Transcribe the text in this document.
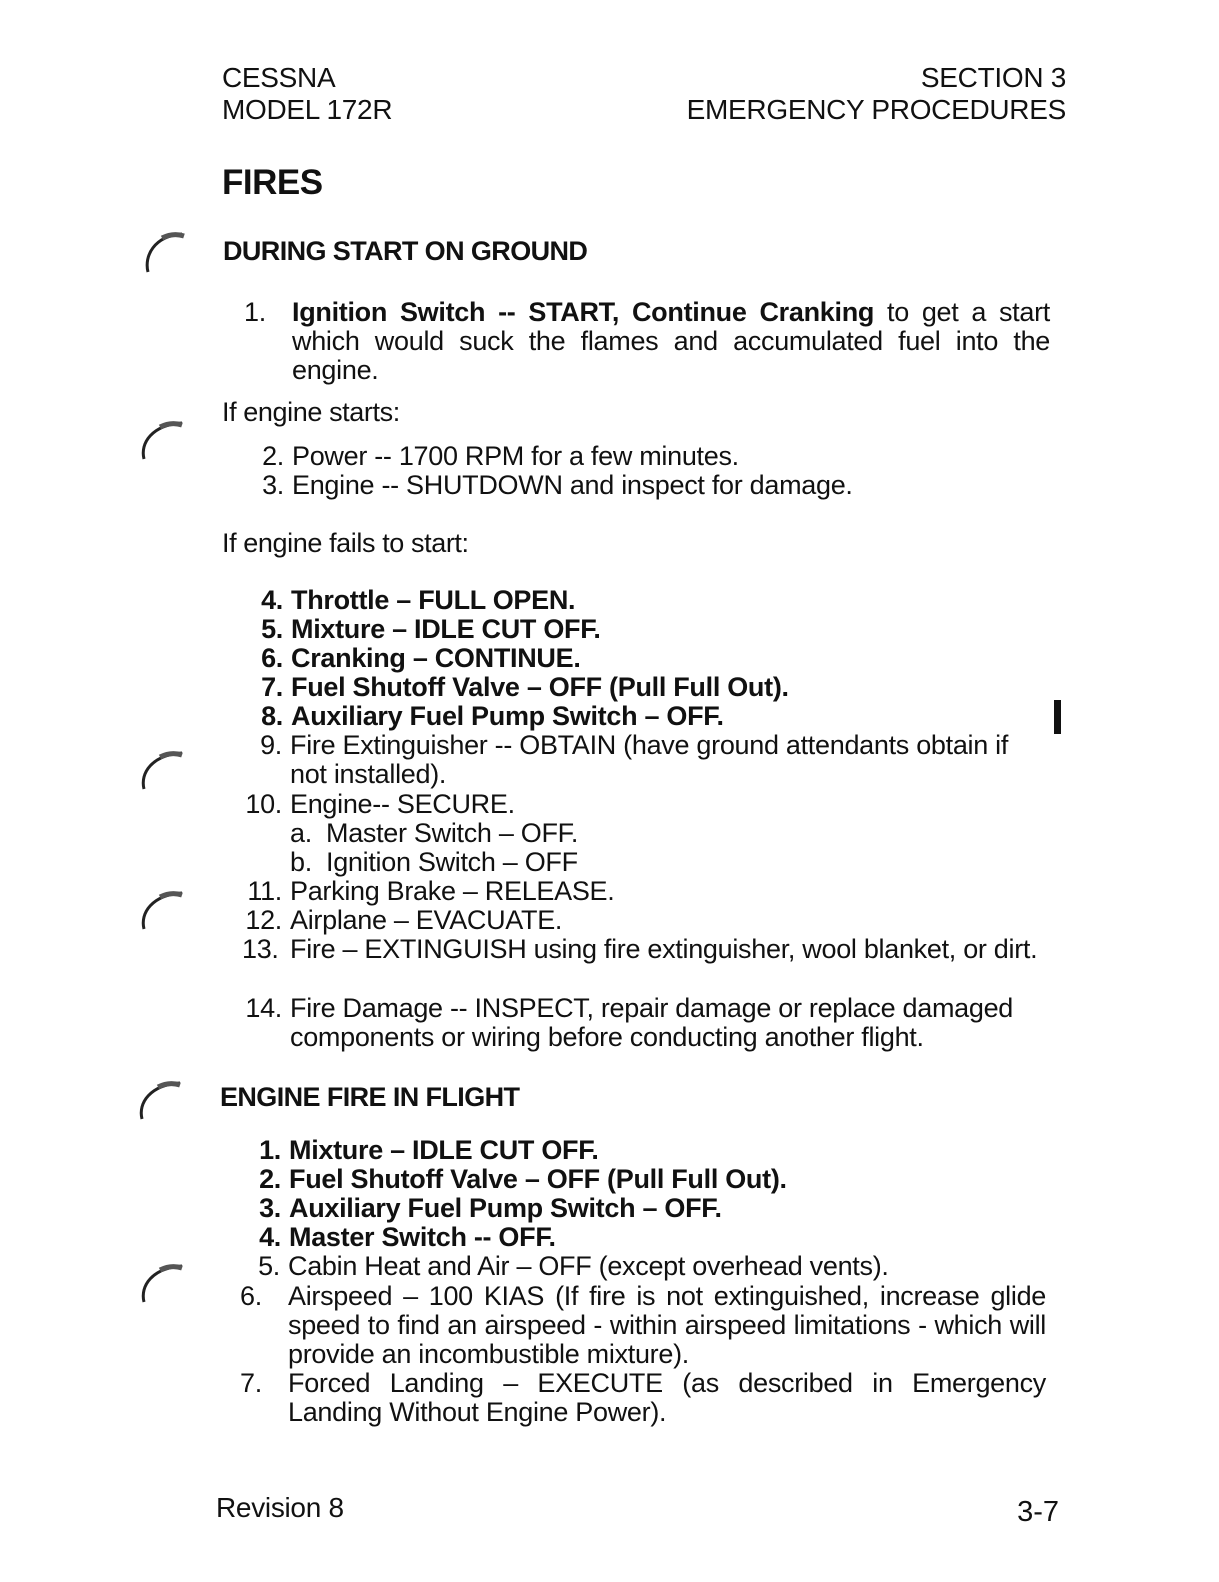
CESSNA
MODEL 172R
SECTION 3
EMERGENCY PROCEDURES
FIRES
DURING START ON GROUND
1. Ignition Switch -- START, Continue Cranking to get a start which would suck the flames and accumulated fuel into the engine.
If engine starts:
2. Power -- 1700 RPM for a few minutes.
3. Engine -- SHUTDOWN and inspect for damage.
If engine fails to start:
4. Throttle – FULL OPEN.
5. Mixture – IDLE CUT OFF.
6. Cranking – CONTINUE.
7. Fuel Shutoff Valve – OFF (Pull Full Out).
8. Auxiliary Fuel Pump Switch – OFF.
9. Fire Extinguisher -- OBTAIN (have ground attendants obtain if not installed).
10. Engine-- SECURE.
a. Master Switch – OFF.
b. Ignition Switch – OFF
11. Parking Brake – RELEASE.
12. Airplane – EVACUATE.
13. Fire – EXTINGUISH using fire extinguisher, wool blanket, or dirt.
14. Fire Damage -- INSPECT, repair damage or replace damaged components or wiring before conducting another flight.
ENGINE FIRE IN FLIGHT
1. Mixture – IDLE CUT OFF.
2. Fuel Shutoff Valve – OFF (Pull Full Out).
3. Auxiliary Fuel Pump Switch – OFF.
4. Master Switch -- OFF.
5. Cabin Heat and Air – OFF (except overhead vents).
6. Airspeed – 100 KIAS (If fire is not extinguished, increase glide speed to find an airspeed - within airspeed limitations - which will provide an incombustible mixture).
7. Forced Landing – EXECUTE (as described in Emergency Landing Without Engine Power).
Revision 8	3-7
